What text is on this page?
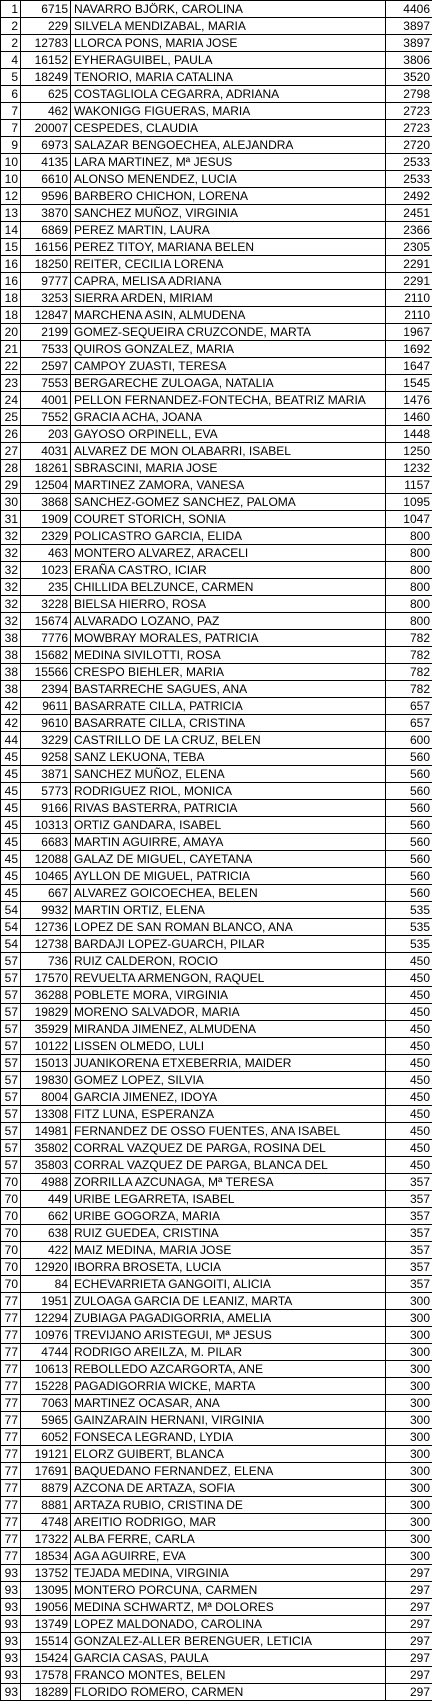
1	6715	NAVARRO BJÖRK, CAROLINA	4406
2	229	SILVELA MENDIZABAL, MARIA	3897
2	12783	LLORCA PONS, MARIA JOSE	3897
4	16152	EYHERAGUIBEL, PAULA	3806
5	18249	TENORIO, MARIA CATALINA	3520
6	625	COSTAGLIOLA CEGARRA, ADRIANA	2798
7	462	WAKONIGG FIGUERAS, MARIA	2723
7	20007	CESPEDES, CLAUDIA	2723
9	6973	SALAZAR BENGOECHEA, ALEJANDRA	2720
10	4135	LARA MARTINEZ, Mª JESUS	2533
10	6610	ALONSO MENENDEZ, LUCIA	2533
12	9596	BARBERO CHICHON, LORENA	2492
13	3870	SANCHEZ MUÑOZ, VIRGINIA	2451
14	6869	PEREZ MARTIN, LAURA	2366
15	16156	PEREZ TITOY, MARIANA BELEN	2305
16	18250	REITER, CECILIA LORENA	2291
16	9777	CAPRA, MELISA ADRIANA	2291
18	3253	SIERRA ARDEN, MIRIAM	2110
18	12847	MARCHENA ASIN, ALMUDENA	2110
20	2199	GOMEZ-SEQUEIRA CRUZCONDE, MARTA	1967
21	7533	QUIROS GONZALEZ, MARIA	1692
22	2597	CAMPOY ZUASTI, TERESA	1647
23	7553	BERGARECHE ZULOAGA, NATALIA	1545
24	4001	PELLON FERNANDEZ-FONTECHA, BEATRIZ MARIA	1476
25	7552	GRACIA ACHA, JOANA	1460
26	203	GAYOSO ORPINELL, EVA	1448
27	4031	ALVAREZ DE MON OLABARRI, ISABEL	1250
28	18261	SBRASCINI, MARIA JOSE	1232
29	12504	MARTINEZ ZAMORA, VANESA	1157
30	3868	SANCHEZ-GOMEZ SANCHEZ, PALOMA	1095
31	1909	COURET STORICH, SONIA	1047
32	2329	POLICASTRO GARCIA, ELIDA	800
32	463	MONTERO ALVAREZ, ARACELI	800
32	1023	ERAÑA CASTRO, ICIAR	800
32	235	CHILLIDA BELZUNCE, CARMEN	800
32	3228	BIELSA HIERRO, ROSA	800
32	15674	ALVARADO LOZANO, PAZ	800
38	7776	MOWBRAY MORALES, PATRICIA	782
38	15682	MEDINA SIVILOTTI, ROSA	782
38	15566	CRESPO BIEHLER, MARIA	782
38	2394	BASTARRECHE SAGUES, ANA	782
42	9611	BASARRATE CILLA, PATRICIA	657
42	9610	BASARRATE CILLA, CRISTINA	657
44	3229	CASTRILLO DE LA CRUZ, BELEN	600
45	9258	SANZ LEKUONA, TEBA	560
45	3871	SANCHEZ MUÑOZ, ELENA	560
45	5773	RODRIGUEZ RIOL, MONICA	560
45	9166	RIVAS BASTERRA, PATRICIA	560
45	10313	ORTIZ GANDARA, ISABEL	560
45	6683	MARTIN AGUIRRE, AMAYA	560
45	12088	GALAZ DE MIGUEL, CAYETANA	560
45	10465	AYLLON DE MIGUEL, PATRICIA	560
45	667	ALVAREZ GOICOECHEA, BELEN	560
54	9932	MARTIN ORTIZ, ELENA	535
54	12736	LOPEZ DE SAN ROMAN BLANCO, ANA	535
54	12738	BARDAJI LOPEZ-GUARCH, PILAR	535
57	736	RUIZ CALDERON, ROCIO	450
57	17570	REVUELTA ARMENGON, RAQUEL	450
57	36288	POBLETE MORA, VIRGINIA	450
57	19829	MORENO SALVADOR, MARIA	450
57	35929	MIRANDA JIMENEZ, ALMUDENA	450
57	10122	LISSEN OLMEDO, LULI	450
57	15013	JUANIKORENA ETXEBERRIA, MAIDER	450
57	19830	GOMEZ LOPEZ, SILVIA	450
57	8004	GARCIA JIMENEZ, IDOYA	450
57	13308	FITZ LUNA, ESPERANZA	450
57	14981	FERNANDEZ DE OSSO FUENTES, ANA ISABEL	450
57	35802	CORRAL VAZQUEZ DE PARGA, ROSINA DEL	450
57	35803	CORRAL VAZQUEZ DE PARGA, BLANCA DEL	450
70	4988	ZORRILLA AZCUNAGA, Mª TERESA	357
70	449	URIBE LEGARRETA, ISABEL	357
70	662	URIBE GOGORZA, MARIA	357
70	638	RUIZ GUEDEA, CRISTINA	357
70	422	MAIZ MEDINA, MARIA JOSE	357
70	12920	IBORRA BROSETA, LUCIA	357
70	84	ECHEVARRIETA GANGOITI, ALICIA	357
77	1951	ZULOAGA GARCIA DE LEANIZ, MARTA	300
77	12294	ZUBIAGA PAGADIGORRIA, AMELIA	300
77	10976	TREVIJANO ARISTEGUI, Mª JESUS	300
77	4744	RODRIGO AREILZA, M. PILAR	300
77	10613	REBOLLEDO AZCARGORTA, ANE	300
77	15228	PAGADIGORRIA WICKE, MARTA	300
77	7063	MARTINEZ OCASAR, ANA	300
77	5965	GAINZARAIN HERNANI, VIRGINIA	300
77	6052	FONSECA LEGRAND, LYDIA	300
77	19121	ELORZ GUIBERT, BLANCA	300
77	17691	BAQUEDANO FERNANDEZ, ELENA	300
77	8879	AZCONA DE ARTAZA, SOFIA	300
77	8881	ARTAZA RUBIO, CRISTINA DE	300
77	4748	AREITIO RODRIGO, MAR	300
77	17322	ALBA FERRE, CARLA	300
77	18534	AGA AGUIRRE, EVA	300
93	13752	TEJADA MEDINA, VIRGINIA	297
93	13095	MONTERO PORCUNA, CARMEN	297
93	19056	MEDINA SCHWARTZ, Mª DOLORES	297
93	13749	LOPEZ MALDONADO, CAROLINA	297
93	15514	GONZALEZ-ALLER BERENGUER, LETICIA	297
93	15424	GARCIA CASAS, PAULA	297
93	17578	FRANCO MONTES, BELEN	297
93	18289	FLORIDO ROMERO, CARMEN	297
